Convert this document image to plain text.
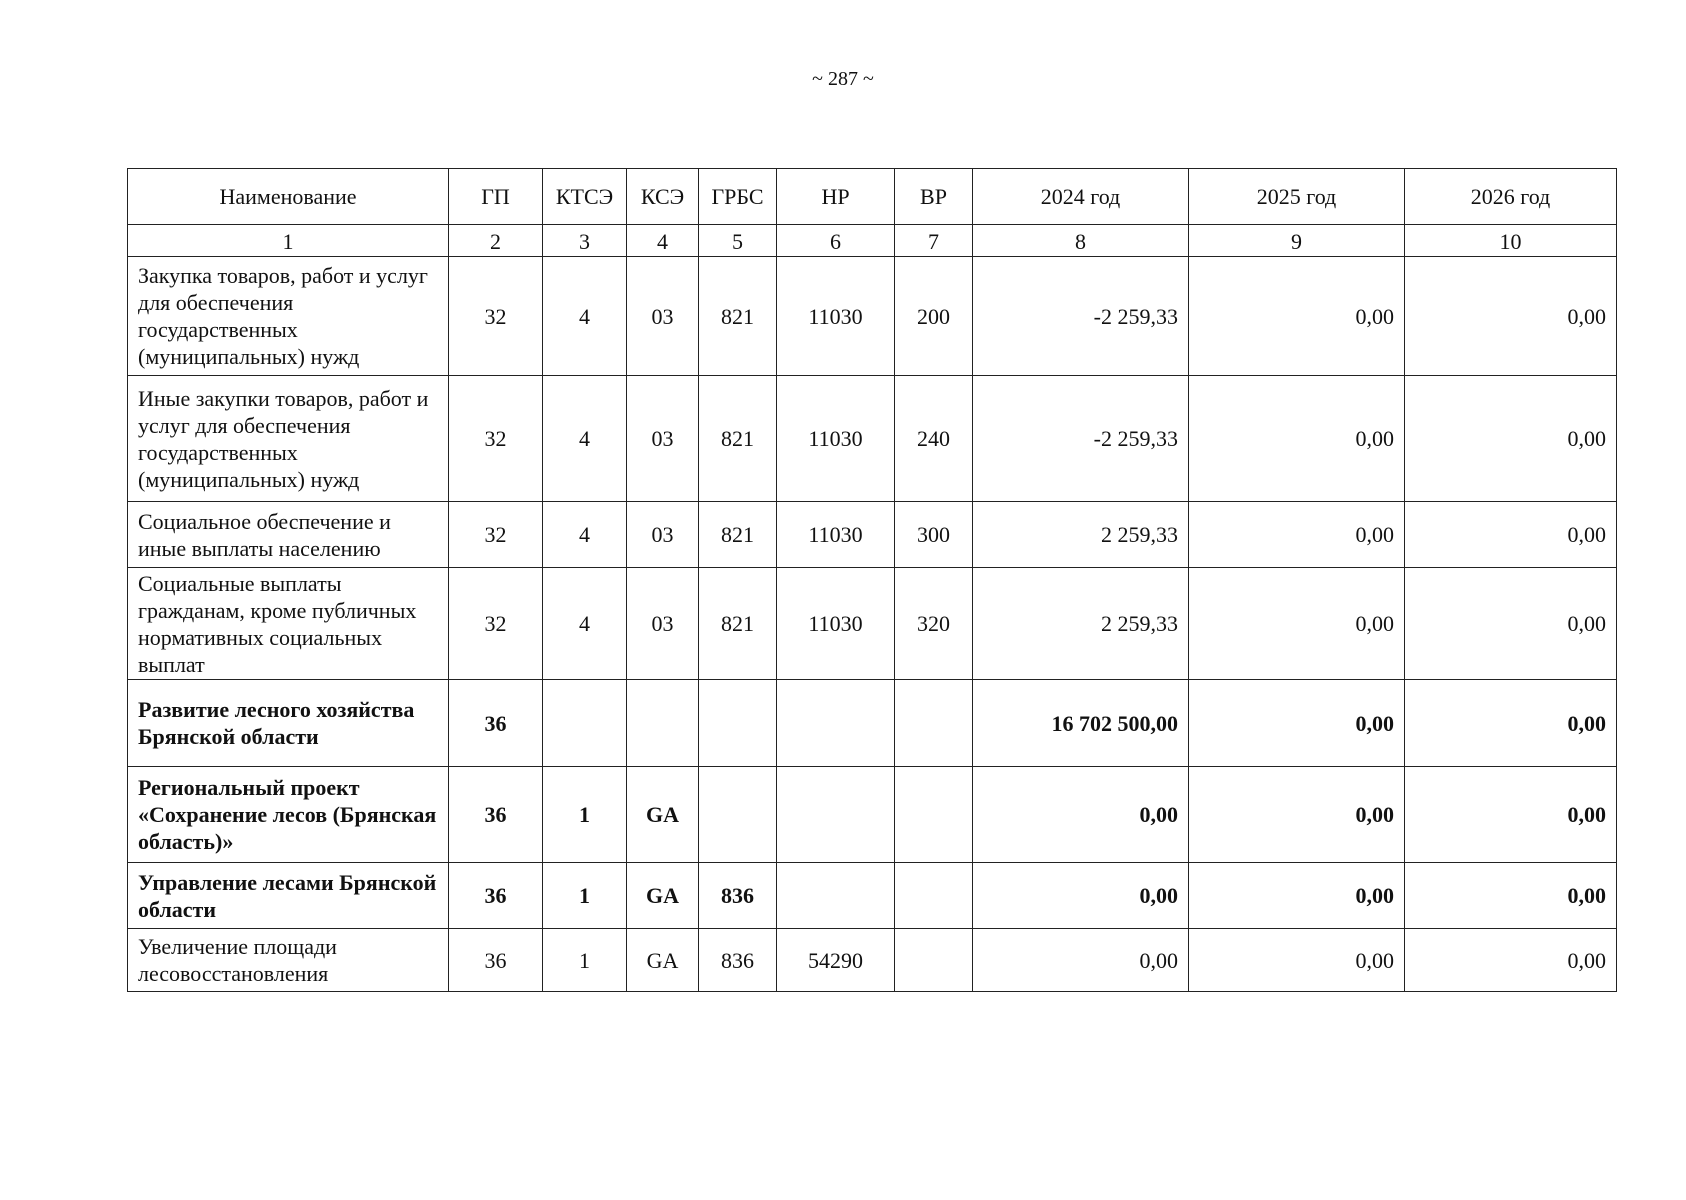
~ 287 ~
Наименование	ГП	КТСЭ	КСЭ	ГРБС	НР	ВР	2024 год	2025 год	2026 год
1	2	3	4	5	6	7	8	9	10
Закупка товаров, работ и услуг для обеспечения государственных (муниципальных) нужд	32	4	03	821	11030	200	-2 259,33	0,00	0,00
Иные закупки товаров, работ и услуг для обеспечения государственных (муниципальных) нужд	32	4	03	821	11030	240	-2 259,33	0,00	0,00
Социальное обеспечение и иные выплаты населению	32	4	03	821	11030	300	2 259,33	0,00	0,00
Социальные выплаты гражданам, кроме публичных нормативных социальных выплат	32	4	03	821	11030	320	2 259,33	0,00	0,00
Развитие лесного хозяйства Брянской области	36						16 702 500,00	0,00	0,00
Региональный проект «Сохранение лесов (Брянская область)»	36	1	GA				0,00	0,00	0,00
Управление лесами Брянской области	36	1	GA	836			0,00	0,00	0,00
Увеличение площади лесовосстановления	36	1	GA	836	54290		0,00	0,00	0,00
